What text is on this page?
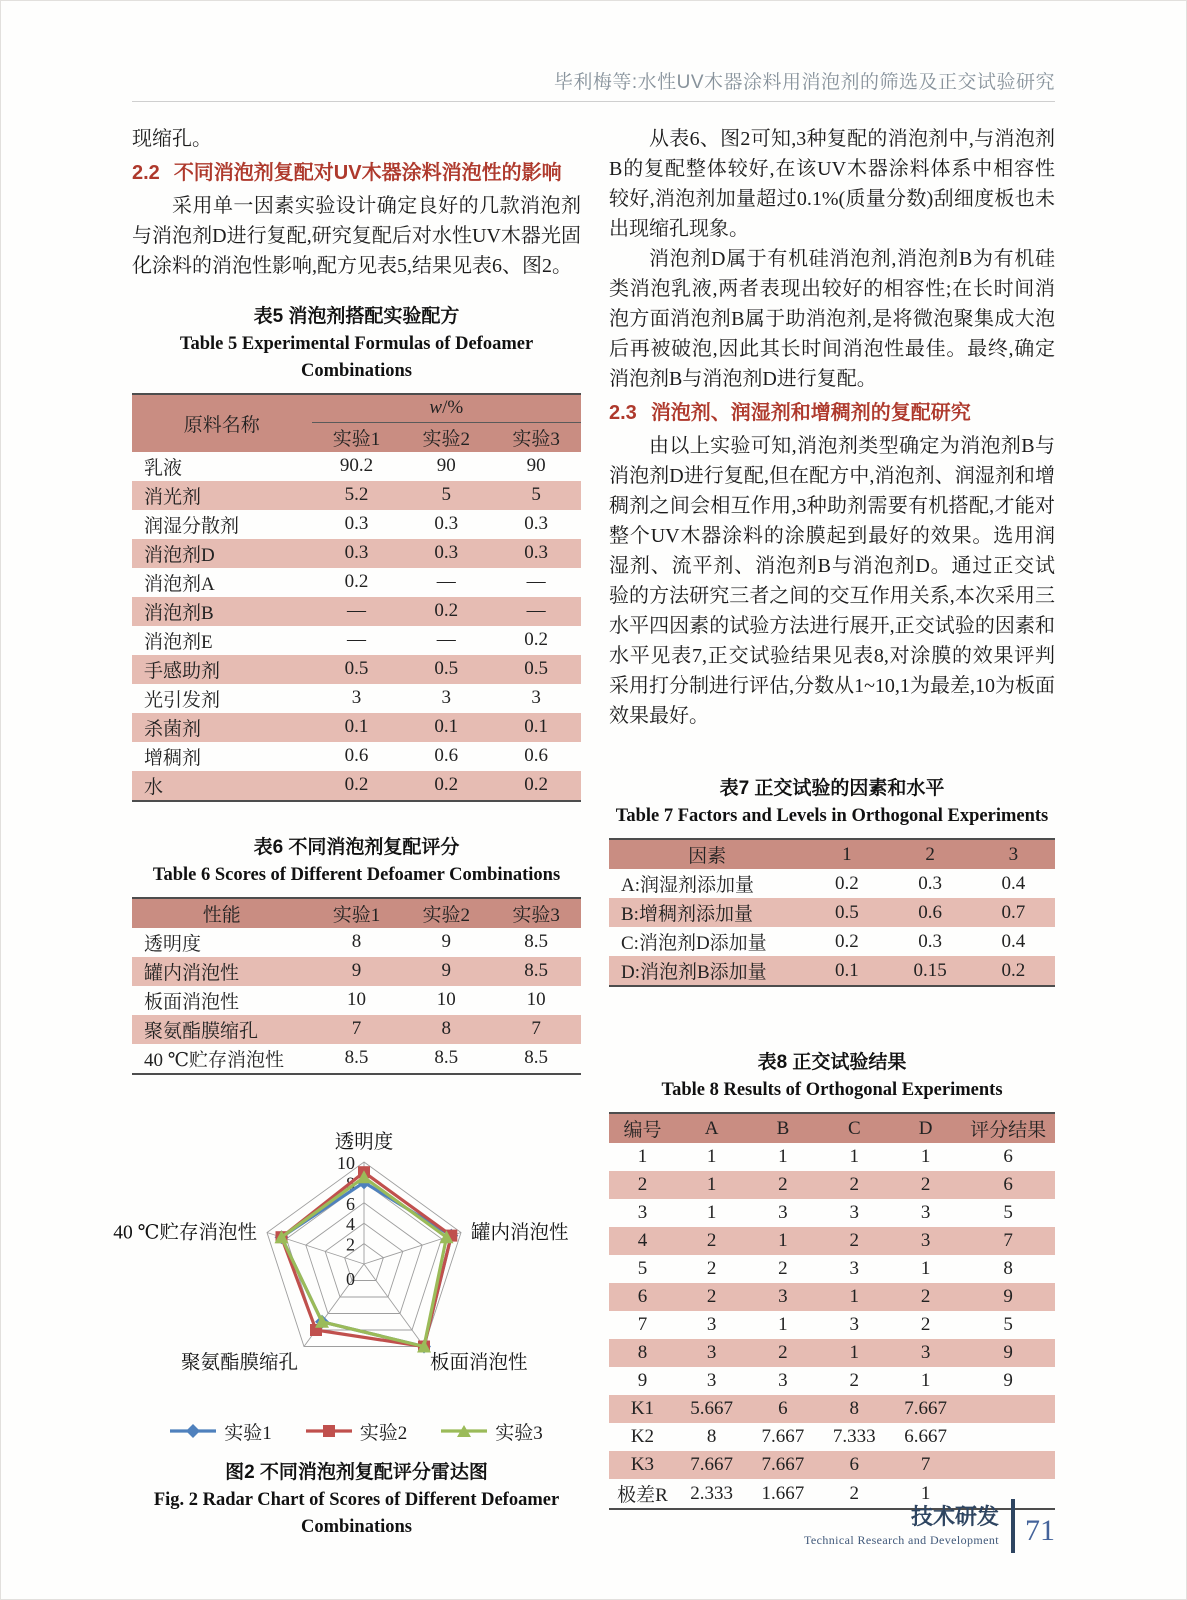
毕利梅等:水性UV木器涂料用消泡剂的筛选及正交试验研究

现缩孔。

2.2 不同消泡剂复配对UV木器涂料消泡性的影响

采用单一因素实验设计确定良好的几款消泡剂与消泡剂D进行复配,研究复配后对水性UV木器光固化涂料的消泡性影响,配方见表5,结果见表6、图2。

表5 消泡剂搭配实验配方
Table 5 Experimental Formulas of Defoamer Combinations
原料名称	w/%		
	实验1	实验2	实验3
乳液	90.2	90	90
消光剂	5.2	5	5
润湿分散剂	0.3	0.3	0.3
消泡剂D	0.3	0.3	0.3
消泡剂A	0.2	—	—
消泡剂B	—	0.2	—
消泡剂E	—	—	0.2
手感助剂	0.5	0.5	0.5
光引发剂	3	3	3
杀菌剂	0.1	0.1	0.1
增稠剂	0.6	0.6	0.6
水	0.2	0.2	0.2
表6 不同消泡剂复配评分
Table 6 Scores of Different Defoamer Combinations
性能	实验1	实验2	实验3
透明度	8	9	8.5
罐内消泡性	9	9	8.5
板面消泡性	10	10	10
聚氨酯膜缩孔	7	8	7
40 ℃贮存消泡性	8.5	8.5	8.5
0
2
4
6
8
10
透明度
罐内消泡性
板面消泡性
聚氨酯膜缩孔
40 ℃贮存消泡性
实验1	实验2	实验3
图2 不同消泡剂复配评分雷达图
Fig. 2 Radar Chart of Scores of Different Defoamer Combinations

从表6、图2可知,3种复配的消泡剂中,与消泡剂B的复配整体较好,在该UV木器涂料体系中相容性较好,消泡剂加量超过0.1%(质量分数)刮细度板也未出现缩孔现象。

消泡剂D属于有机硅消泡剂,消泡剂B为有机硅类消泡乳液,两者表现出较好的相容性;在长时间消泡方面消泡剂B属于助消泡剂,是将微泡聚集成大泡后再被破泡,因此其长时间消泡性最佳。最终,确定消泡剂B与消泡剂D进行复配。

2.3 消泡剂、润湿剂和增稠剂的复配研究

由以上实验可知,消泡剂类型确定为消泡剂B与消泡剂D进行复配,但在配方中,消泡剂、润湿剂和增稠剂之间会相互作用,3种助剂需要有机搭配,才能对整个UV木器涂料的涂膜起到最好的效果。选用润湿剂、流平剂、消泡剂B与消泡剂D。通过正交试验的方法研究三者之间的交互作用关系,本次采用三水平四因素的试验方法进行展开,正交试验的因素和水平见表7,正交试验结果见表8,对涂膜的效果评判采用打分制进行评估,分数从1~10,1为最差,10为板面效果最好。

表7 正交试验的因素和水平
Table 7 Factors and Levels in Orthogonal Experiments
因素	1	2	3
A:润湿剂添加量	0.2	0.3	0.4
B:增稠剂添加量	0.5	0.6	0.7
C:消泡剂D添加量	0.2	0.3	0.4
D:消泡剂B添加量	0.1	0.15	0.2
表8 正交试验结果
Table 8 Results of Orthogonal Experiments
编号	A	B	C	D	评分结果
1	1	1	1	1	6
2	1	2	2	2	6
3	1	3	3	3	5
4	2	1	2	3	7
5	2	2	3	1	8
6	2	3	1	2	9
7	3	1	3	2	5
8	3	2	1	3	9
9	3	3	2	1	9
K1	5.667	6	8	7.667	
K2	8	7.667	7.333	6.667	
K3	7.667	7.667	6	7	
极差R	2.333	1.667	2	1	
技术研发
Technical Research and Development 71
